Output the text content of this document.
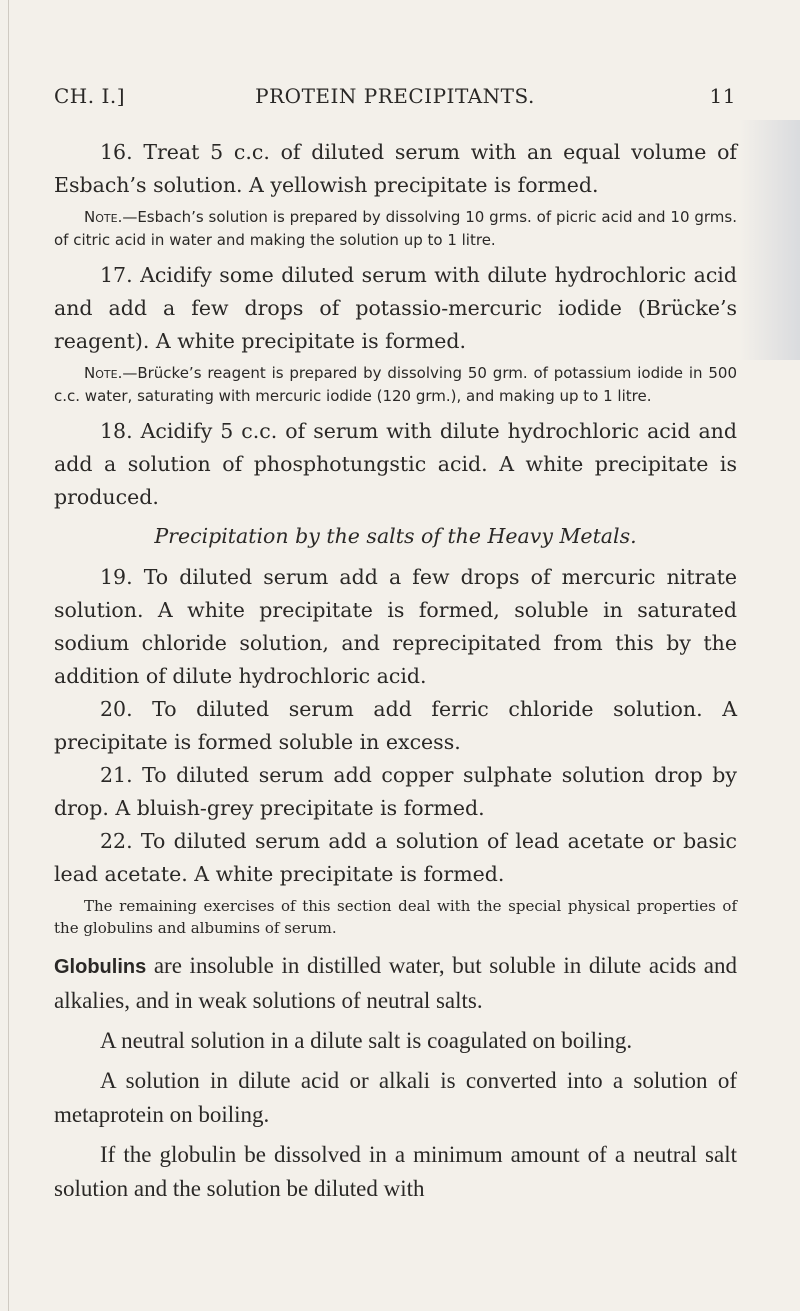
CH. I.]	PROTEIN PRECIPITANTS.	11

16. Treat 5 c.c. of diluted serum with an equal volume of Esbach’s solution. A yellowish precipitate is formed.

Note.—Esbach’s solution is prepared by dissolving 10 grms. of picric acid and 10 grms. of citric acid in water and making the solution up to 1 litre.

17. Acidify some diluted serum with dilute hydrochloric acid and add a few drops of potassio-mercuric iodide (Brücke’s reagent). A white precipitate is formed.

Note.—Brücke’s reagent is prepared by dissolving 50 grm. of potassium iodide in 500 c.c. water, saturating with mercuric iodide (120 grm.), and making up to 1 litre.

18. Acidify 5 c.c. of serum with dilute hydrochloric acid and add a solution of phosphotungstic acid. A white precipitate is produced.

Precipitation by the salts of the Heavy Metals.

19. To diluted serum add a few drops of mercuric nitrate solution. A white precipitate is formed, soluble in saturated sodium chloride solution, and reprecipitated from this by the addition of dilute hydrochloric acid.

20. To diluted serum add ferric chloride solution. A precipitate is formed soluble in excess.

21. To diluted serum add copper sulphate solution drop by drop. A bluish-grey precipitate is formed.

22. To diluted serum add a solution of lead acetate or basic lead acetate. A white precipitate is formed.

The remaining exercises of this section deal with the special physical properties of the globulins and albumins of serum.

Globulins are insoluble in distilled water, but soluble in dilute acids and alkalies, and in weak solutions of neutral salts.

A neutral solution in a dilute salt is coagulated on boiling.

A solution in dilute acid or alkali is converted into a solution of metaprotein on boiling.

If the globulin be dissolved in a minimum amount of a neutral salt solution and the solution be diluted with
